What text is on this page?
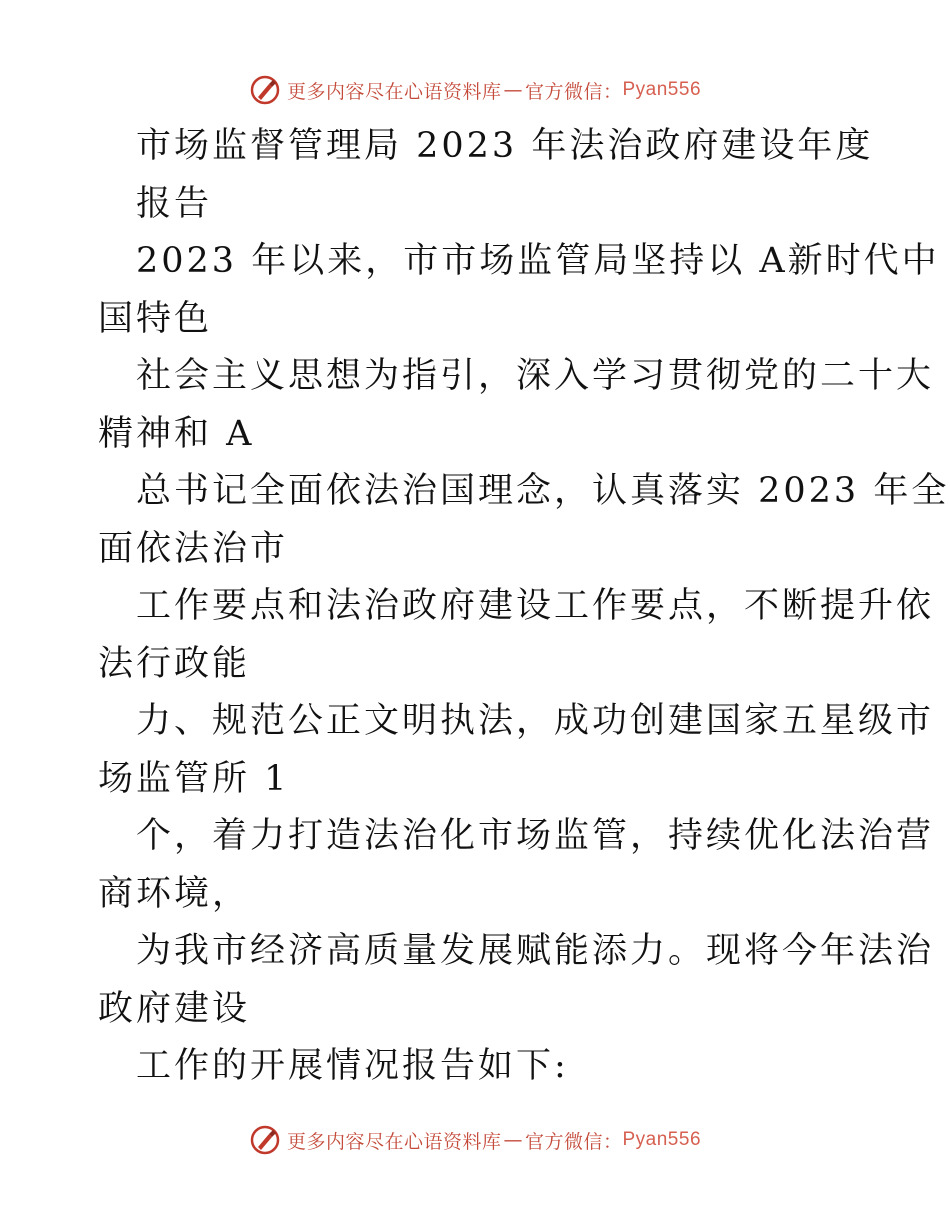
更多内容尽在心语资料库 — 官方微信： Pyan556
市场监督管理局 2023 年法治政府建设年度
报告
2023 年以来，市市场监管局坚持以 A新时代中
国特色
社会主义思想为指引，深入学习贯彻党的二十大
精神和 A
总书记全面依法治国理念，认真落实 2023 年全
面依法治市
工作要点和法治政府建设工作要点，不断提升依
法行政能
力、规范公正文明执法，成功创建国家五星级市
场监管所 1
个，着力打造法治化市场监管，持续优化法治营
商环境，
为我市经济高质量发展赋能添力。现将今年法治
政府建设
工作的开展情况报告如下:
更多内容尽在心语资料库 — 官方微信： Pyan556
